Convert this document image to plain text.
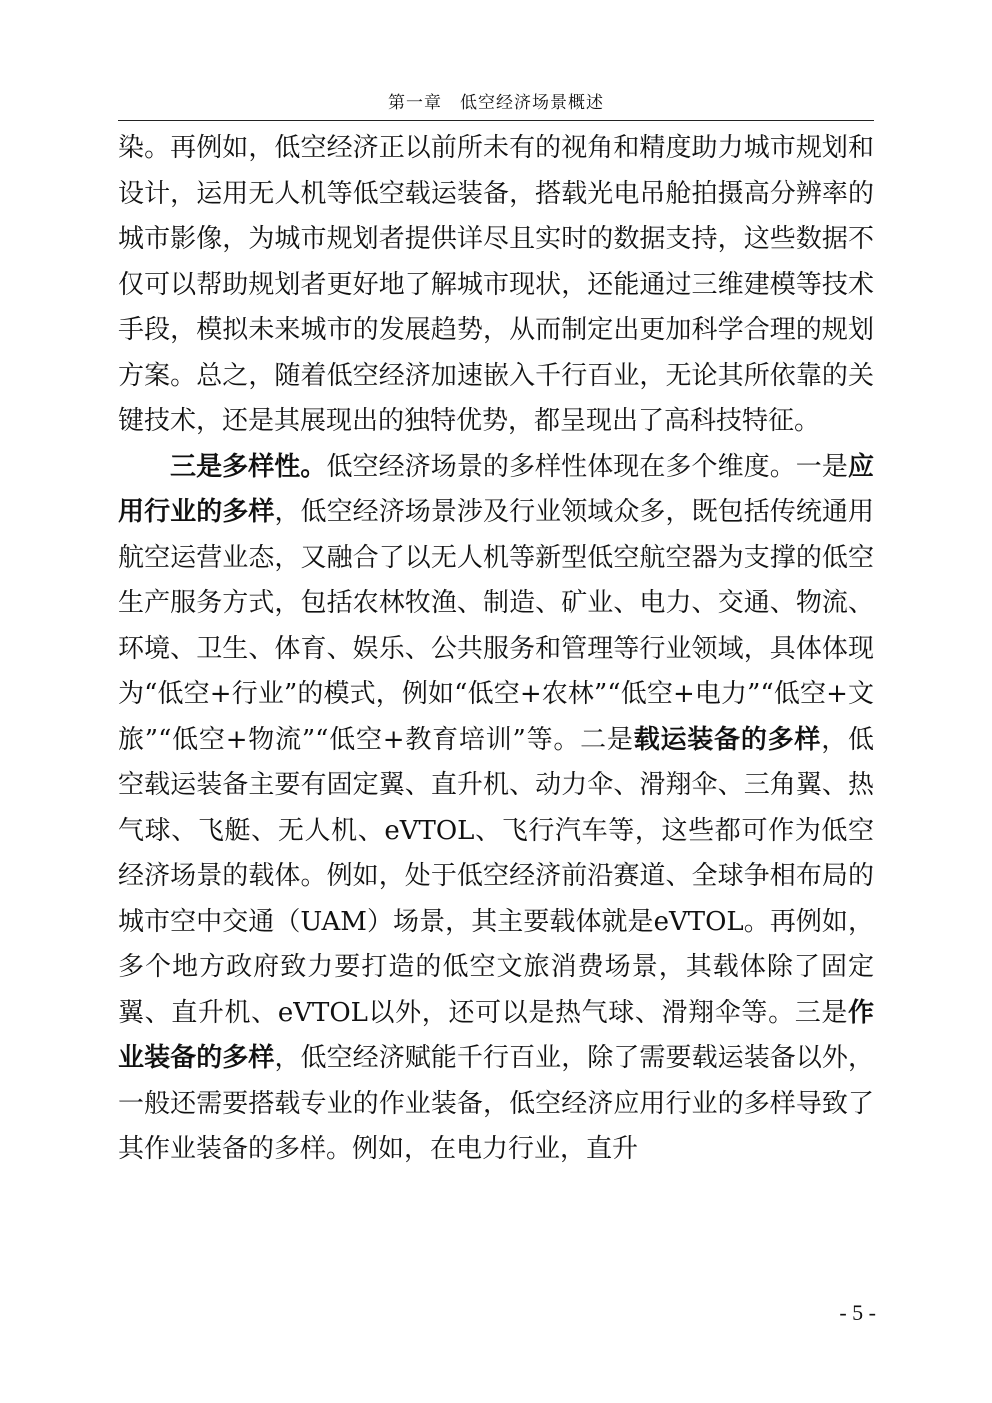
第一章　低空经济场景概述

染。再例如，低空经济正以前所未有的视角和精度助力城市规划和设计，运用无人机等低空载运装备，搭载光电吊舱拍摄高分辨率的城市影像，为城市规划者提供详尽且实时的数据支持，这些数据不仅可以帮助规划者更好地了解城市现状，还能通过三维建模等技术手段，模拟未来城市的发展趋势，从而制定出更加科学合理的规划方案。总之，随着低空经济加速嵌入千行百业，无论其所依靠的关键技术，还是其展现出的独特优势，都呈现出了高科技特征。

三是多样性。低空经济场景的多样性体现在多个维度。一是应用行业的多样，低空经济场景涉及行业领域众多，既包括传统通用航空运营业态，又融合了以无人机等新型低空航空器为支撑的低空生产服务方式，包括农林牧渔、制造、矿业、电力、交通、物流、环境、卫生、体育、娱乐、公共服务和管理等行业领域，具体体现为“低空+行业”的模式，例如“低空+农林”“低空+电力”“低空+文旅”“低空+物流”“低空+教育培训”等。二是载运装备的多样，低空载运装备主要有固定翼、直升机、动力伞、滑翔伞、三角翼、热气球、飞艇、无人机、eVTOL、飞行汽车等，这些都可作为低空经济场景的载体。例如，处于低空经济前沿赛道、全球争相布局的城市空中交通（UAM）场景，其主要载体就是eVTOL。再例如，多个地方政府致力要打造的低空文旅消费场景，其载体除了固定翼、直升机、eVTOL以外，还可以是热气球、滑翔伞等。三是作业装备的多样，低空经济赋能千行百业，除了需要载运装备以外，一般还需要搭载专业的作业装备，低空经济应用行业的多样导致了其作业装备的多样。例如，在电力行业，直升

- 5 -
